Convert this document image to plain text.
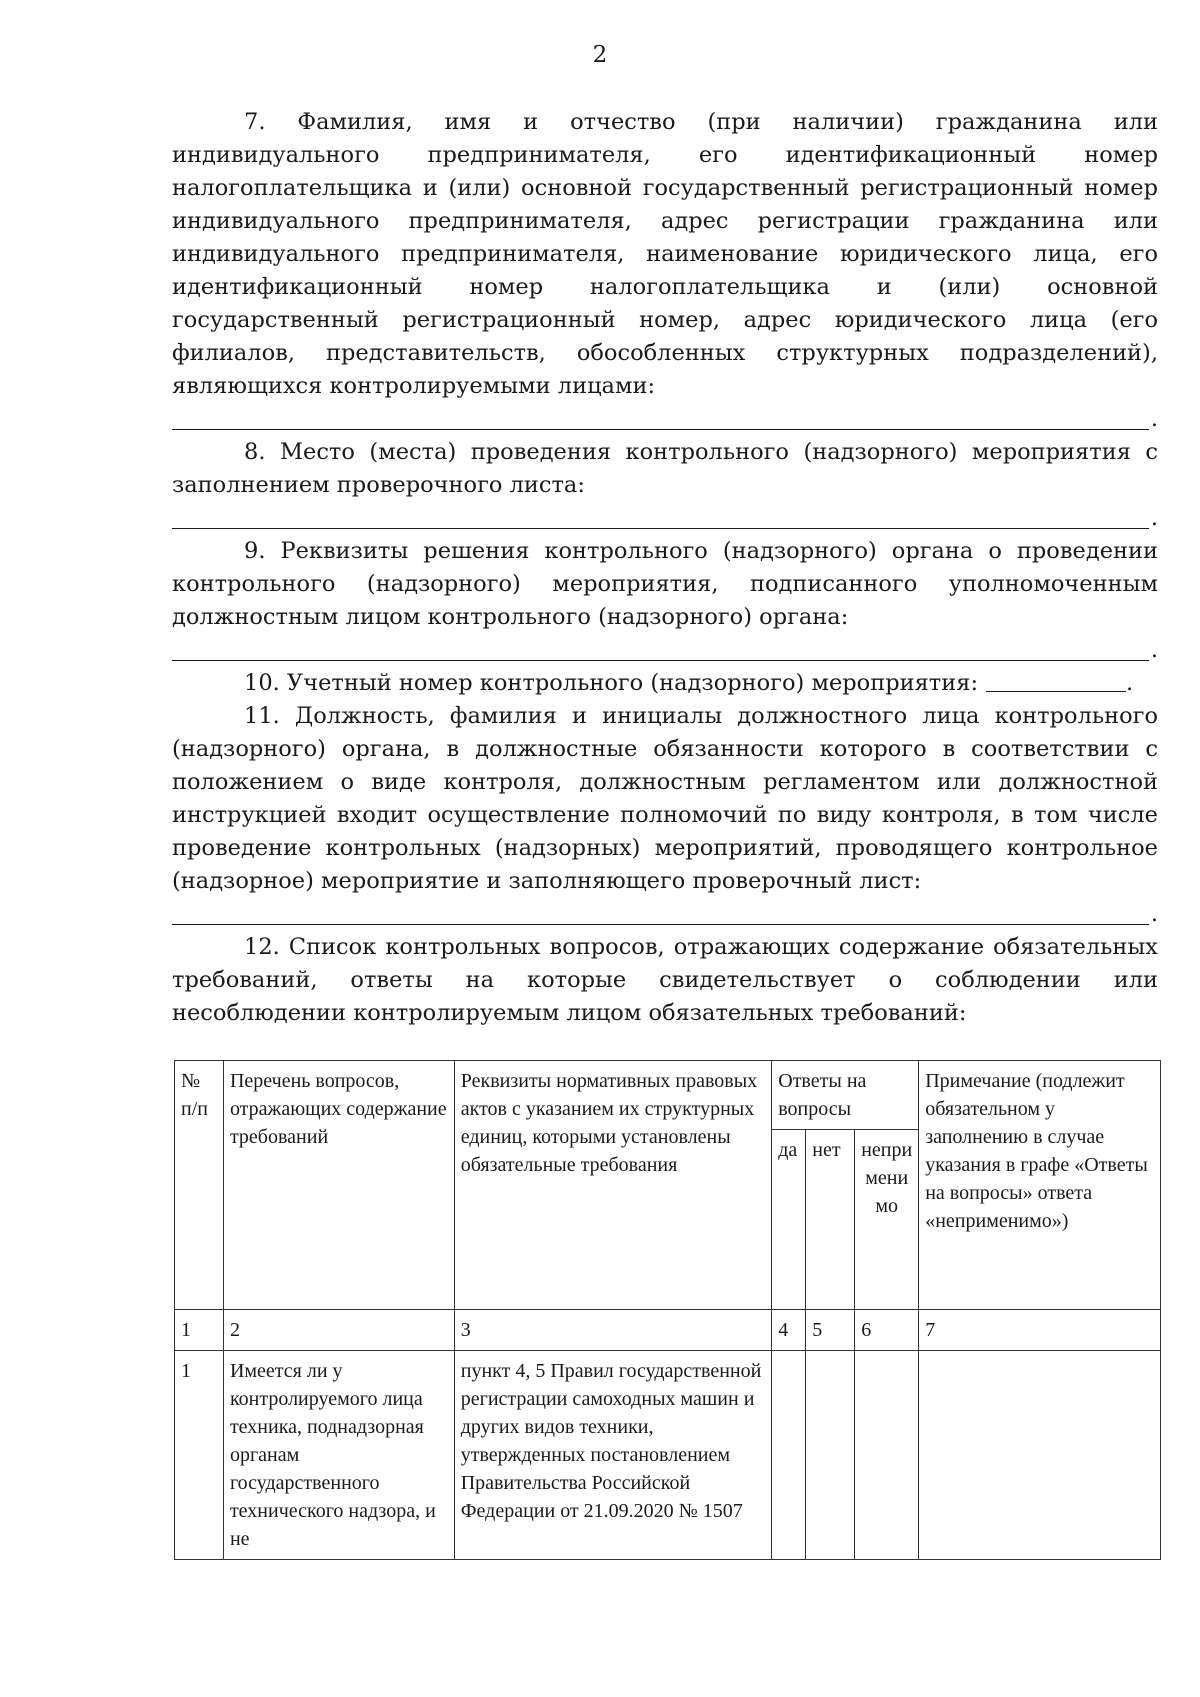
2

7. Фамилия, имя и отчество (при наличии) гражданина или индивидуального предпринимателя, его идентификационный номер налогоплательщика и (или) основной государственный регистрационный номер индивидуального предпринимателя, адрес регистрации гражданина или индивидуального предпринимателя, наименование юридического лица, его идентификационный номер налогоплательщика и (или) основной государственный регистрационный номер, адрес юридического лица (его филиалов, представительств, обособленных структурных подразделений), являющихся контролируемыми лицами:

.

8. Место (места) проведения контрольного (надзорного) мероприятия с заполнением проверочного листа:

.

9. Реквизиты решения контрольного (надзорного) органа о проведении контрольного (надзорного) мероприятия, подписанного уполномоченным должностным лицом контрольного (надзорного) органа:

.

10. Учетный номер контрольного (надзорного) мероприятия:	.

11. Должность, фамилия и инициалы должностного лица контрольного (надзорного) органа, в должностные обязанности которого в соответствии с положением о виде контроля, должностным регламентом или должностной инструкцией входит осуществление полномочий по виду контроля, в том числе проведение контрольных (надзорных) мероприятий, проводящего контрольное (надзорное) мероприятие и заполняющего проверочный лист:

.

12. Список контрольных вопросов, отражающих содержание обязательных требований, ответы на которые свидетельствует о соблюдении или несоблюдении контролируемым лицом обязательных требований:

№ п/п	Перечень вопросов, отражающих содержание требований	Реквизиты нормативных правовых актов с указанием их структурных единиц, которыми установлены обязательные требования	Ответы на вопросы			Примечание (подлежит обязательном у заполнению в случае указания в графе «Ответы на вопросы» ответа «неприменимо»)
			да	нет	непри мени мо	
1	2	3	4	5	6	7
1	Имеется ли у контролируемого лица техника, поднадзорная органам государственного технического надзора, и не	пункт 4, 5 Правил государственной регистрации самоходных машин и других видов техники, утвержденных постановлением Правительства Российской Федерации от 21.09.2020 № 1507				
